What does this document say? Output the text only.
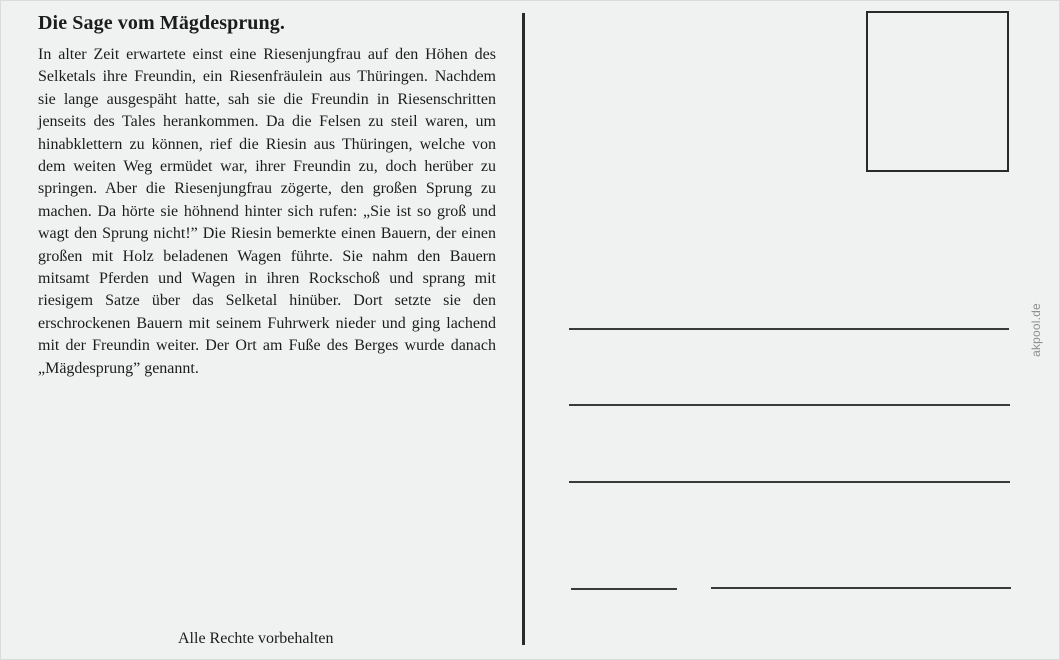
Die Sage vom Mägdesprung.

In alter Zeit erwartete einst eine Riesenjungfrau auf den Höhen des Selketals ihre Freundin, ein Riesenfräulein aus Thüringen. Nachdem sie lange ausgespäht hatte, sah sie die Freundin in Riesenschritten jenseits des Tales herankommen. Da die Felsen zu steil waren, um hinabklettern zu können, rief die Riesin aus Thüringen, welche von dem weiten Weg ermüdet war, ihrer Freundin zu, doch herüber zu springen. Aber die Riesenjungfrau zögerte, den großen Sprung zu machen. Da hörte sie höhnend hinter sich rufen: „Sie ist so groß und wagt den Sprung nicht!” Die Riesin bemerkte einen Bauern, der einen großen mit Holz beladenen Wagen führte. Sie nahm den Bauern mitsamt Pferden und Wagen in ihren Rockschoß und sprang mit riesigem Satze über das Selketal hinüber. Dort setzte sie den erschrockenen Bauern mit seinem Fuhrwerk nieder und ging lachend mit der Freundin weiter. Der Ort am Fuße des Berges wurde danach „Mägdesprung” genannt.

Alle Rechte vorbehalten
akpool.de
